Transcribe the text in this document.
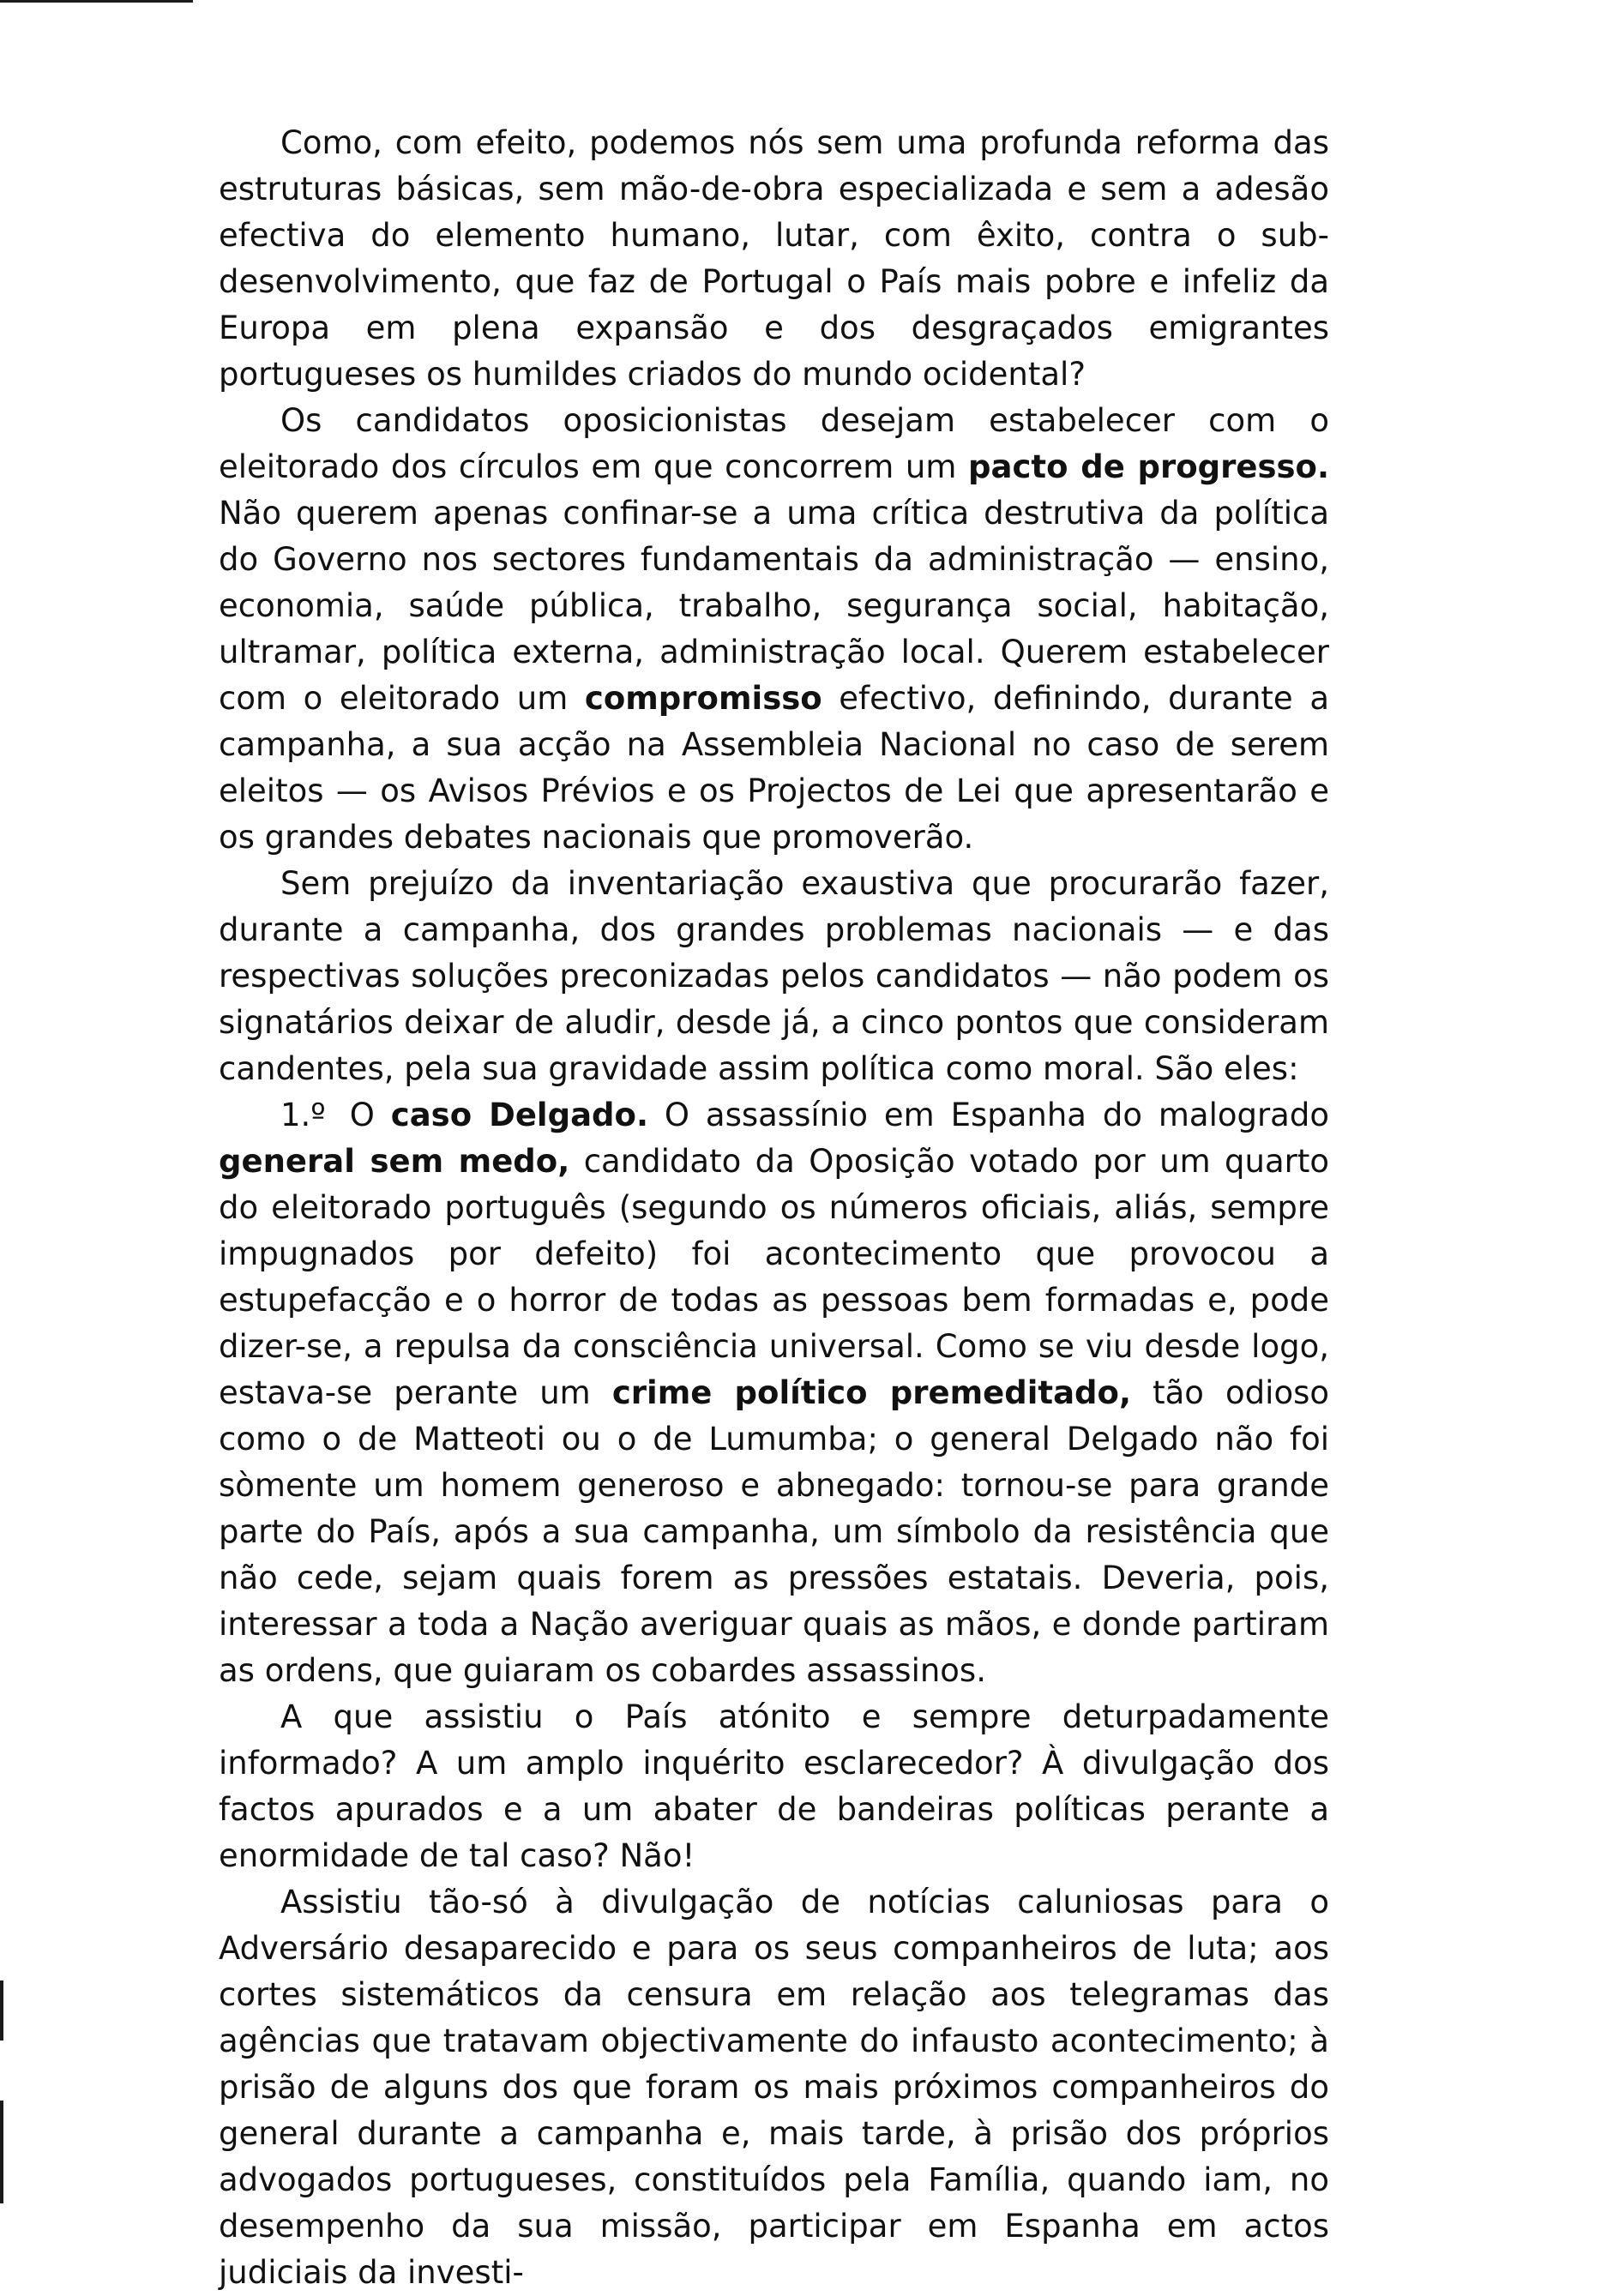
Como, com efeito, podemos nós sem uma profunda reforma das estruturas básicas, sem mão-de-obra especializada e sem a adesão efectiva do elemento humano, lutar, com êxito, contra o sub-desenvolvimento, que faz de Portugal o País mais pobre e infeliz da Europa em plena expansão e dos desgraçados emigrantes portugueses os humildes criados do mundo ocidental?

Os candidatos oposicionistas desejam estabelecer com o eleitorado dos círculos em que concorrem um pacto de progresso. Não querem apenas confinar-se a uma crítica destrutiva da política do Governo nos sectores fundamentais da administração — ensino, economia, saúde pública, trabalho, segurança social, habitação, ultramar, política externa, administração local. Querem estabelecer com o eleitorado um compromisso efectivo, definindo, durante a campanha, a sua acção na Assembleia Nacional no caso de serem eleitos — os Avisos Prévios e os Projectos de Lei que apresentarão e os grandes debates nacionais que promoverão.

Sem prejuízo da inventariação exaustiva que procurarão fazer, durante a campanha, dos grandes problemas nacionais — e das respectivas soluções preconizadas pelos candidatos — não podem os signatários deixar de aludir, desde já, a cinco pontos que consideram candentes, pela sua gravidade assim política como moral. São eles:

1.º O caso Delgado. O assassínio em Espanha do malogrado general sem medo, candidato da Oposição votado por um quarto do eleitorado português (segundo os números oficiais, aliás, sempre impugnados por defeito) foi acontecimento que provocou a estupefacção e o horror de todas as pessoas bem formadas e, pode dizer-se, a repulsa da consciência universal. Como se viu desde logo, estava-se perante um crime político premeditado, tão odioso como o de Matteoti ou o de Lumumba; o general Delgado não foi sòmente um homem generoso e abnegado: tornou-se para grande parte do País, após a sua campanha, um símbolo da resistência que não cede, sejam quais forem as pressões estatais. Deveria, pois, interessar a toda a Nação averiguar quais as mãos, e donde partiram as ordens, que guiaram os cobardes assassinos.

A que assistiu o País atónito e sempre deturpadamente informado? A um amplo inquérito esclarecedor? À divulgação dos factos apurados e a um abater de bandeiras políticas perante a enormidade de tal caso? Não!

Assistiu tão-só à divulgação de notícias caluniosas para o Adversário desaparecido e para os seus companheiros de luta; aos cortes sistemáticos da censura em relação aos telegramas das agências que tratavam objectivamente do infausto acontecimento; à prisão de alguns dos que foram os mais próximos companheiros do general durante a campanha e, mais tarde, à prisão dos próprios advogados portugueses, constituídos pela Família, quando iam, no desempenho da sua missão, participar em Espanha em actos judiciais da investi-
